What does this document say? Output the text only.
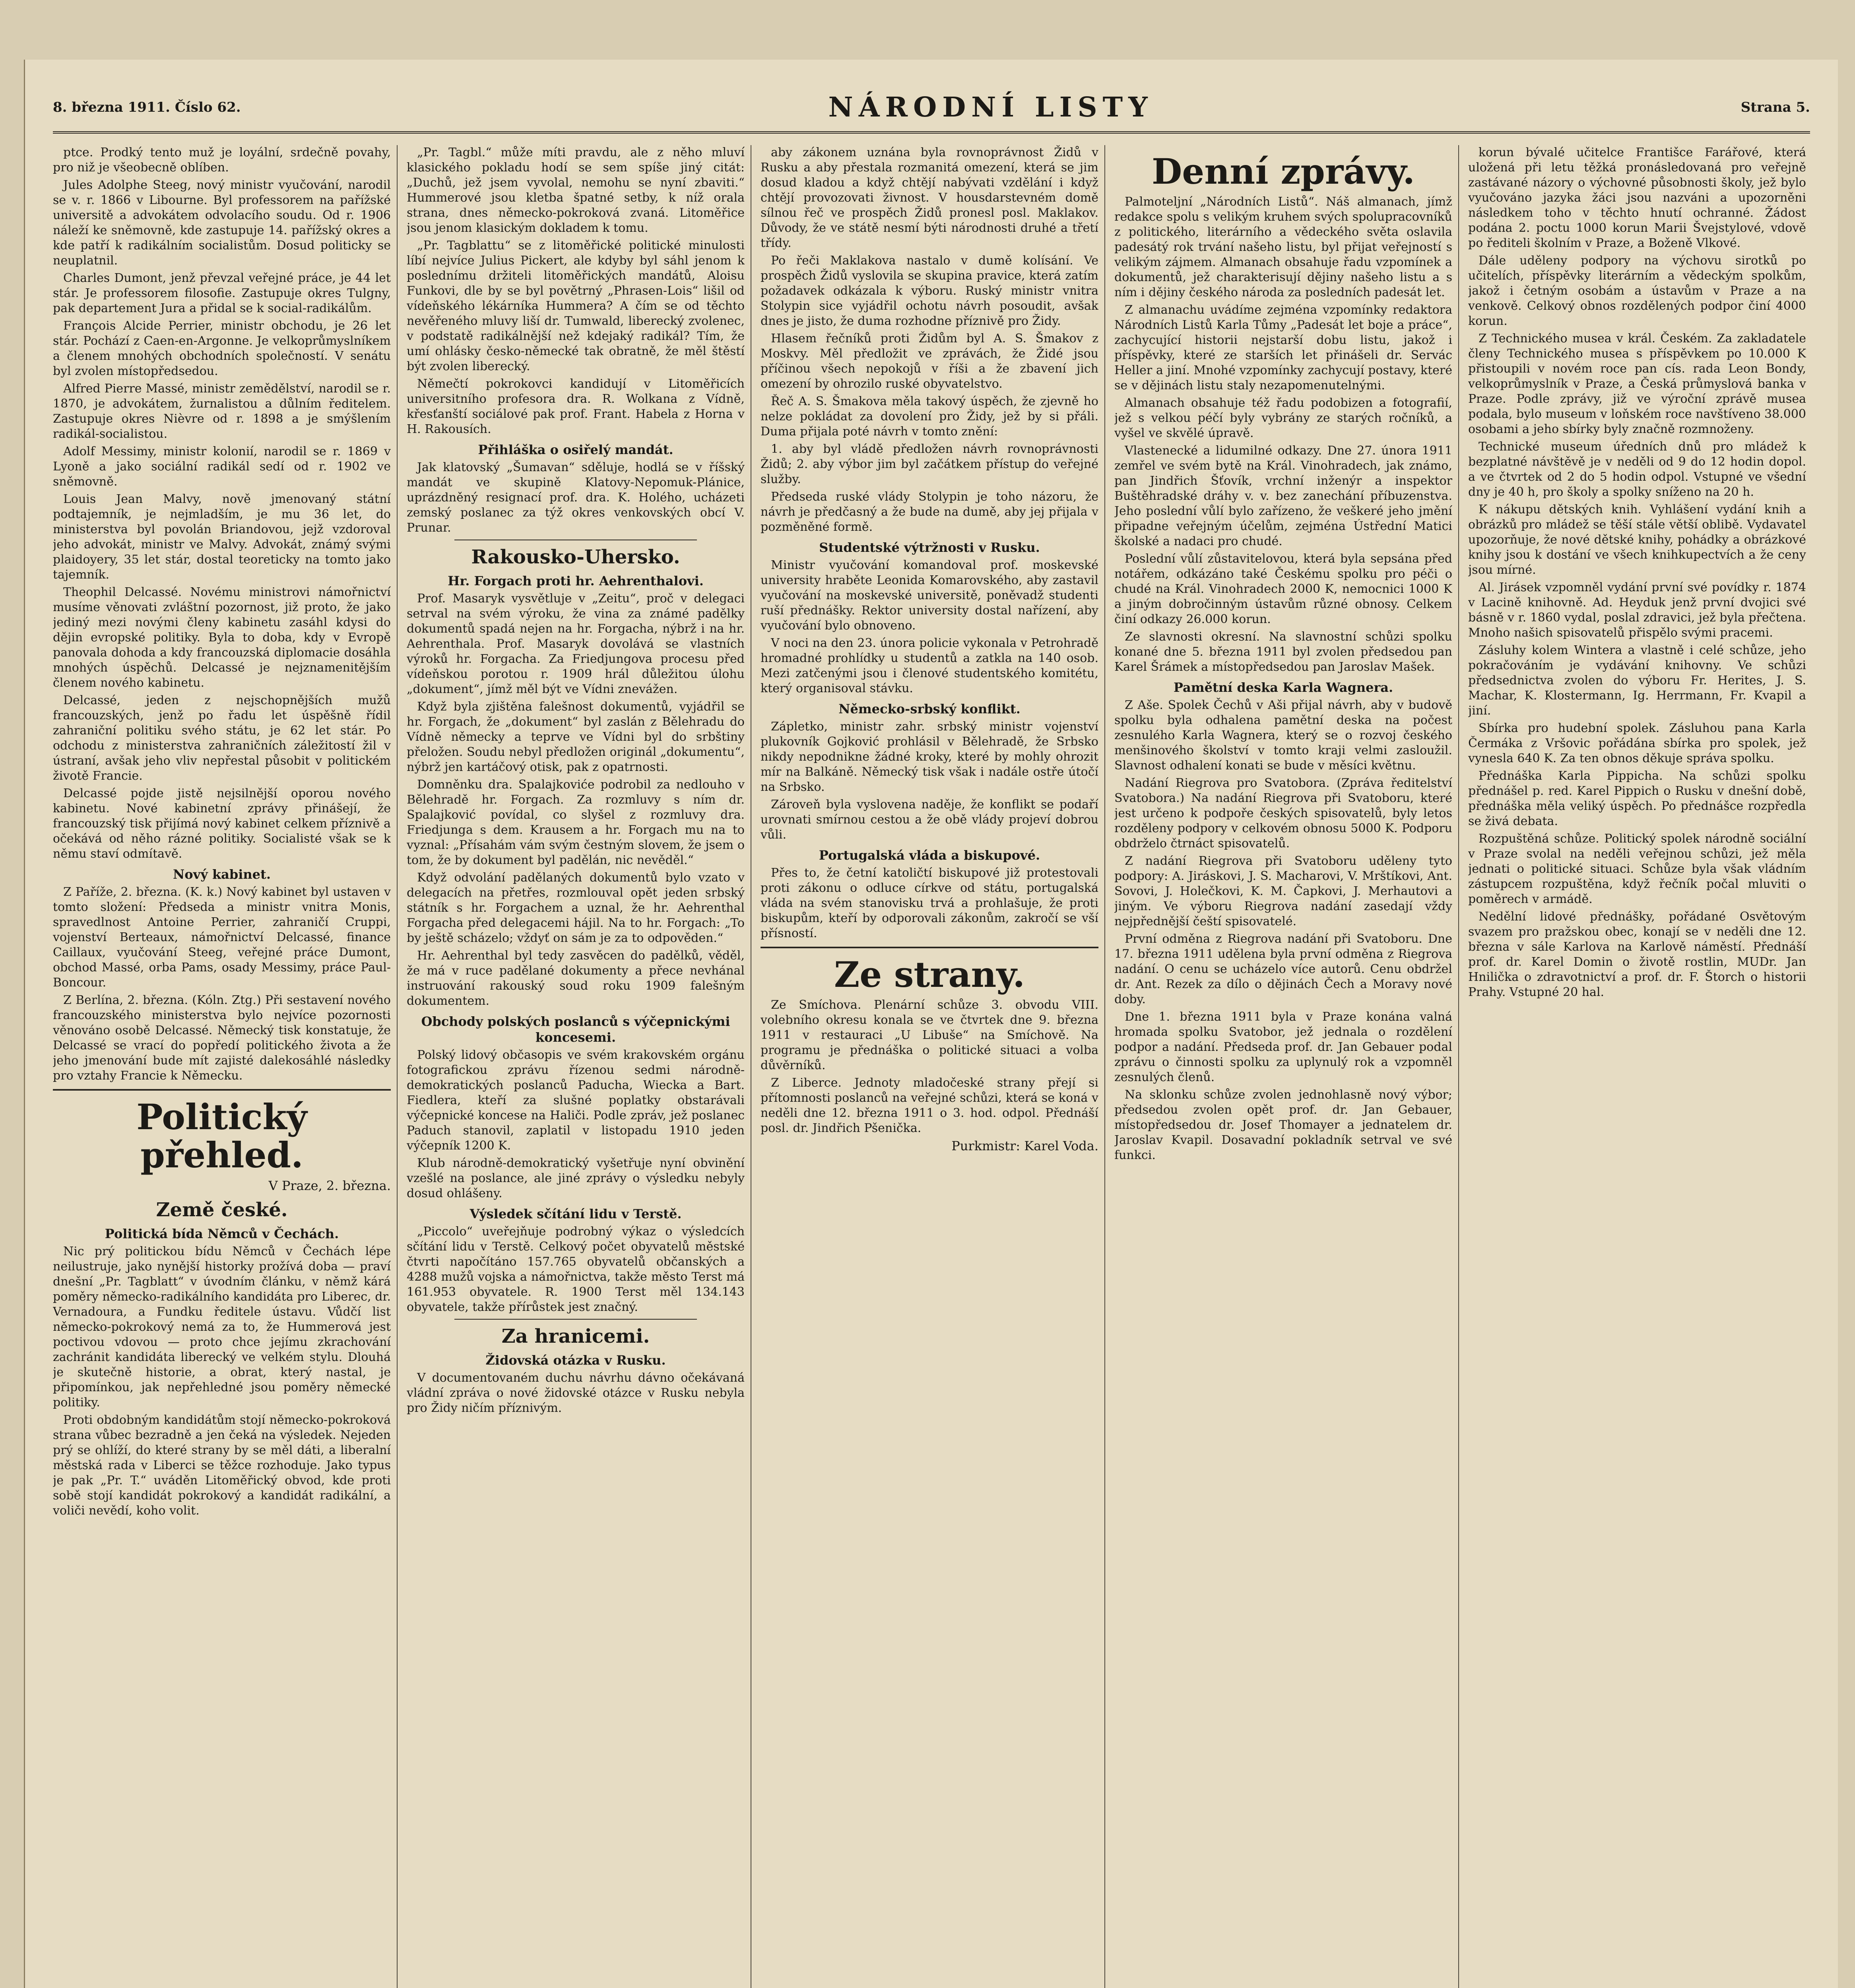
8. března 1911. Číslo 62.	NÁRODNÍ LISTY	Strana 5.

ptce. Prodký tento muž je loyální, srdečně povahy, pro niž je všeobecně oblíben.

Jules Adolphe Steeg, nový ministr vyučování, narodil se v. r. 1866 v Libourne. Byl professorem na pařížské universitě a advokátem odvolacího soudu. Od r. 1906 náleží ke sněmovně, kde zastupuje 14. pařížský okres a kde patří k radikálním socialistům. Dosud politicky se neuplatnil.

Charles Dumont, jenž převzal veřejné práce, je 44 let stár. Je professorem filosofie. Zastupuje okres Tulgny, pak departement Jura a přidal se k social-radikálům.

François Alcide Perrier, ministr obchodu, je 26 let stár. Pochází z Caen-en-Argonne. Je velkoprůmyslníkem a členem mnohých obchodních společností. V senátu byl zvolen místopředsedou.

Alfred Pierre Massé, ministr zemědělství, narodil se r. 1870, je advokátem, žurnalistou a důlním ředitelem. Zastupuje okres Nièvre od r. 1898 a je smýšlením radikál-socialistou.

Adolf Messimy, ministr kolonií, narodil se r. 1869 v Lyoně a jako sociální radikál sedí od r. 1902 ve sněmovně.

Louis Jean Malvy, nově jmenovaný státní podtajemník, je nejmladším, je mu 36 let, do ministerstva byl povolán Briandovou, jejž vzdoroval jeho advokát, ministr ve Malvy. Advokát, známý svými plaidoyery, 35 let stár, dostal teoreticky na tomto jako tajemník.

Theophil Delcassé. Novému ministrovi námořnictví musíme věnovati zvláštní pozornost, již proto, že jako jediný mezi novými členy kabinetu zasáhl kdysi do dějin evropské politiky. Byla to doba, kdy v Evropě panovala dohoda a kdy francouzská diplomacie dosáhla mnohých úspěchů. Delcassé je nejznamenitějším členem nového kabinetu.

Delcassé, jeden z nejschopnějších mužů francouzských, jenž po řadu let úspěšně řídil zahraniční politiku svého státu, je 62 let stár. Po odchodu z ministerstva zahraničních záležitostí žil v ústraní, avšak jeho vliv nepřestal působit v politickém životě Francie.

Delcassé pojde jistě nejsilnější oporou nového kabinetu. Nové kabinetní zprávy přinášejí, že francouzský tisk přijímá nový kabinet celkem příznivě a očekává od něho rázné politiky. Socialisté však se k němu staví odmítavě.

Nový kabinet.

Z Paříže, 2. března. (K. k.) Nový kabinet byl ustaven v tomto složení: Předseda a ministr vnitra Monis, spravedlnost Antoine Perrier, zahraničí Cruppi, vojenství Berteaux, námořnictví Delcassé, finance Caillaux, vyučování Steeg, veřejné práce Dumont, obchod Massé, orba Pams, osady Messimy, práce Paul-Boncour.

Z Berlína, 2. března. (Kóln. Ztg.) Při sestavení nového francouzského ministerstva bylo nejvíce pozornosti věnováno osobě Delcassé. Německý tisk konstatuje, že Delcassé se vrací do popředí politického života a že jeho jmenování bude mít zajisté dalekosáhlé následky pro vztahy Francie k Německu.

Politický přehled.
V Praze, 2. března.
Země české.
Politická bída Němců v Čechách.

Nic prý politickou bídu Němců v Čechách lépe neilustruje, jako nynější historky prožívá doba — praví dnešní „Pr. Tagblatt“ v úvodním článku, v němž kárá poměry německo-radikálního kandidáta pro Liberec, dr. Vernadoura, a Fundku ředitele ústavu. Vůdčí list německo-pokrokový nemá za to, že Hummerová jest poctivou vdovou — proto chce jejímu zkrachování zachránit kandidáta liberecký ve velkém stylu. Dlouhá je skutečně historie, a obrat, který nastal, je připomínkou, jak nepřehledné jsou poměry německé politiky.

Proti obdobným kandidátům stojí německo-pokroková strana vůbec bezradně a jen čeká na výsledek. Nejeden prý se ohlíží, do které strany by se měl dáti, a liberalní městská rada v Liberci se těžce rozhoduje. Jako typus je pak „Pr. T.“ uváděn Litoměřický obvod, kde proti sobě stojí kandidát pokrokový a kandidát radikální, a voliči nevědí, koho volit.

„Pr. Tagbl.“ může míti pravdu, ale z něho mluví klasického pokladu hodí se sem spíše jiný citát: „Duchů, jež jsem vyvolal, nemohu se nyní zbaviti.“ Hummerové jsou kletba špatné setby, k níž orala strana, dnes německo-pokroková zvaná. Litoměřice jsou jenom klasickým dokladem k tomu.

„Pr. Tagblattu“ se z litoměřické politické minulosti líbí nejvíce Julius Pickert, ale kdyby byl sáhl jenom k poslednímu držiteli litoměřických mandátů, Aloisu Funkovi, dle by se byl povětrný „Phrasen-Lois“ lišil od vídeňského lékárníka Hummera? A čím se od těchto nevěřeného mluvy liší dr. Tumwald, liberecký zvolenec, v podstatě radikálnější než kdejaký radikál? Tím, že umí ohlásky česko-německé tak obratně, že měl štěstí být zvolen liberecký.

Němečtí pokrokovci kandidují v Litoměřicích universitního profesora dra. R. Wolkana z Vídně, křesťanští sociálové pak prof. Frant. Habela z Horna v H. Rakousích.

Přihláška o osiřelý mandát.

Jak klatovský „Šumavan“ sděluje, hodlá se v říšský mandát ve skupině Klatovy-Nepomuk-Plánice, uprázdněný resignací prof. dra. K. Holého, ucházeti zemský poslanec za týž okres venkovských obcí V. Prunar.

Rakousko-Uhersko.
Hr. Forgach proti hr. Aehrenthalovi.

Prof. Masaryk vysvětluje v „Zeitu“, proč v delegaci setrval na svém výroku, že vina za známé padělky dokumentů spadá nejen na hr. Forgacha, nýbrž i na hr. Aehrenthala. Prof. Masaryk dovolává se vlastních výroků hr. Forgacha. Za Friedjungova procesu před vídeňskou porotou r. 1909 hrál důležitou úlohu „dokument“, jímž měl být ve Vídni znevážen.

Když byla zjištěna falešnost dokumentů, vyjádřil se hr. Forgach, že „dokument“ byl zaslán z Bělehradu do Vídně německy a teprve ve Vídni byl do srbštiny přeložen. Soudu nebyl předložen originál „dokumentu“, nýbrž jen kartáčový otisk, pak z opatrnosti.

Domněnku dra. Spalajkoviće podrobil za nedlouho v Bělehradě hr. Forgach. Za rozmluvy s ním dr. Spalajković povídal, co slyšel z rozmluvy dra. Friedjunga s dem. Krausem a hr. Forgach mu na to vyznal: „Přísahám vám svým čestným slovem, že jsem o tom, že by dokument byl padělán, nic nevěděl.“

Když odvolání padělaných dokumentů bylo vzato v delegacích na přetřes, rozmlouval opět jeden srbský státník s hr. Forgachem a uznal, že hr. Aehrenthal Forgacha před delegacemi hájil. Na to hr. Forgach: „To by ještě scházelo; vždyť on sám je za to odpověden.“

Hr. Aehrenthal byl tedy zasvěcen do padělků, věděl, že má v ruce padělané dokumenty a přece nevhánal instruování rakouský soud roku 1909 falešným dokumentem.

Obchody polských poslanců s výčepnickými koncesemi.

Polský lidový občasopis ve svém krakovském orgánu fotografickou zprávu řízenou sedmi národně-demokratických poslanců Paducha, Wiecka a Bart. Fiedlera, kteří za slušné poplatky obstarávali výčepnické koncese na Haliči. Podle zpráv, jež poslanec Paduch stanovil, zaplatil v listopadu 1910 jeden výčepník 1200 K.

Klub národně-demokratický vyšetřuje nyní obvinění vzešlé na poslance, ale jiné zprávy o výsledku nebyly dosud ohlášeny.

Výsledek sčítání lidu v Terstě.

„Piccolo“ uveřejňuje podrobný výkaz o výsledcích sčítání lidu v Terstě. Celkový počet obyvatelů městské čtvrti napočítáno 157.765 obyvatelů občanských a 4288 mužů vojska a námořnictva, takže město Terst má 161.953 obyvatele. R. 1900 Terst měl 134.143 obyvatele, takže přírůstek jest značný.

Za hranicemi.
Židovská otázka v Rusku.

V documentovaném duchu návrhu dávno očekávaná vládní zpráva o nové židovské otázce v Rusku nebyla pro Židy ničím příznivým.

aby zákonem uznána byla rovnoprávnost Židů v Rusku a aby přestala rozmanitá omezení, která se jim dosud kladou a když chtějí nabývati vzdělání i když chtějí provozovati živnost. V housdarstevném domě sílnou řeč ve prospěch Židů pronesl posl. Maklakov. Důvody, že ve státě nesmí býti národnosti druhé a třetí třídy.

Po řeči Maklakova nastalo v dumě kolísání. Ve prospěch Židů vyslovila se skupina pravice, která zatím požadavek odkázala k výboru. Ruský ministr vnitra Stolypin sice vyjádřil ochotu návrh posoudit, avšak dnes je jisto, že duma rozhodne příznivě pro Židy.

Hlasem řečníků proti Židům byl A. S. Šmakov z Moskvy. Měl předložit ve zprávách, že Židé jsou příčinou všech nepokojů v říši a že zbavení jich omezení by ohrozilo ruské obyvatelstvo.

Řeč A. S. Šmakova měla takový úspěch, že zjevně ho nelze pokládat za dovolení pro Židy, jež by si přáli. Duma přijala poté návrh v tomto znění:

1. aby byl vládě předložen návrh rovnoprávnosti Židů; 2. aby výbor jim byl začátkem přístup do veřejné služby.

Předseda ruské vlády Stolypin je toho názoru, že návrh je předčasný a že bude na dumě, aby jej přijala v pozměněné formě.

Studentské výtržnosti v Rusku.

Ministr vyučování komandoval prof. moskevské university hraběte Leonida Komarovského, aby zastavil vyučování na moskevské universitě, poněvadž studenti ruší přednášky. Rektor university dostal nařízení, aby vyučování bylo obnoveno.

V noci na den 23. února policie vykonala v Petrohradě hromadné prohlídky u studentů a zatkla na 140 osob. Mezi zatčenými jsou i členové studentského komitétu, který organisoval stávku.

Německo-srbský konflikt.

Zápletko, ministr zahr. srbský ministr vojenství plukovník Gojković prohlásil v Bělehradě, že Srbsko nikdy nepodnikne žádné kroky, které by mohly ohrozit mír na Balkáně. Německý tisk však i nadále ostře útočí na Srbsko.

Zároveň byla vyslovena naděje, že konflikt se podaří urovnati smírnou cestou a že obě vlády projeví dobrou vůli.

Portugalská vláda a biskupové.

Přes to, že četní katoličtí biskupové již protestovali proti zákonu o odluce církve od státu, portugalská vláda na svém stanovisku trvá a prohlašuje, že proti biskupům, kteří by odporovali zákonům, zakročí se vší přísností.

Ze strany.

Ze Smíchova. Plenární schůze 3. obvodu VIII. volebního okresu konala se ve čtvrtek dne 9. března 1911 v restauraci „U Libuše“ na Smíchově. Na programu je přednáška o politické situaci a volba důvěrníků.

Z Liberce. Jednoty mladočeské strany přejí si přítomnosti poslanců na veřejné schůzi, která se koná v neděli dne 12. března 1911 o 3. hod. odpol. Přednáší posl. dr. Jindřich Pšenička.

Purkmistr: Karel Voda.
Denní zprávy.

Palmoteljní „Národních Listů“. Náš almanach, jímž redakce spolu s velikým kruhem svých spolupracovníků z politického, literárního a vědeckého světa oslavila padesátý rok trvání našeho listu, byl přijat veřejností s velikým zájmem. Almanach obsahuje řadu vzpomínek a dokumentů, jež charakterisují dějiny našeho listu a s ním i dějiny českého národa za posledních padesát let.

Z almanachu uvádíme zejména vzpomínky redaktora Národních Listů Karla Tůmy „Padesát let boje a práce“, zachycující historii nejstarší dobu listu, jakož i příspěvky, které ze starších let přinášeli dr. Servác Heller a jiní. Mnohé vzpomínky zachycují postavy, které se v dějinách listu staly nezapomenutelnými.

Almanach obsahuje též řadu podobizen a fotografií, jež s velkou péčí byly vybrány ze starých ročníků, a vyšel ve skvělé úpravě.

Vlastenecké a lidumilné odkazy. Dne 27. února 1911 zemřel ve svém bytě na Král. Vinohradech, jak známo, pan Jindřich Šťovík, vrchní inženýr a inspektor Buštěhradské dráhy v. v. bez zanechání příbuzenstva. Jeho poslední vůlí bylo zařízeno, že veškeré jeho jmění připadne veřejným účelům, zejména Ústřední Matici školské a nadaci pro chudé.

Poslední vůlí zůstavitelovou, která byla sepsána před notářem, odkázáno také Českému spolku pro péči o chudé na Král. Vinohradech 2000 K, nemocnici 1000 K a jiným dobročinným ústavům různé obnosy. Celkem činí odkazy 26.000 korun.

Ze slavnosti okresní. Na slavnostní schůzi spolku konané dne 5. března 1911 byl zvolen předsedou pan Karel Šrámek a místopředsedou pan Jaroslav Mašek.

Pamětní deska Karla Wagnera.

Z Aše. Spolek Čechů v Aši přijal návrh, aby v budově spolku byla odhalena pamětní deska na počest zesnulého Karla Wagnera, který se o rozvoj českého menšinového školství v tomto kraji velmi zasloužil. Slavnost odhalení konati se bude v měsíci květnu.

Nadání Riegrova pro Svatobora. (Zpráva ředitelství Svatobora.) Na nadání Riegrova při Svatoboru, které jest určeno k podpoře českých spisovatelů, byly letos rozděleny podpory v celkovém obnosu 5000 K. Podporu obdrželo čtrnáct spisovatelů.

Z nadání Riegrova při Svatoboru uděleny tyto podpory: A. Jiráskovi, J. S. Macharovi, V. Mrštíkovi, Ant. Sovovi, J. Holečkovi, K. M. Čapkovi, J. Merhautovi a jiným. Ve výboru Riegrova nadání zasedají vždy nejpřednější čeští spisovatelé.

První odměna z Riegrova nadání při Svatoboru. Dne 17. března 1911 udělena byla první odměna z Riegrova nadání. O cenu se ucházelo více autorů. Cenu obdržel dr. Ant. Rezek za dílo o dějinách Čech a Moravy nové doby.

Dne 1. března 1911 byla v Praze konána valná hromada spolku Svatobor, jež jednala o rozdělení podpor a nadání. Předseda prof. dr. Jan Gebauer podal zprávu o činnosti spolku za uplynulý rok a vzpomněl zesnulých členů.

Na sklonku schůze zvolen jednohlasně nový výbor; předsedou zvolen opět prof. dr. Jan Gebauer, místopředsedou dr. Josef Thomayer a jednatelem dr. Jaroslav Kvapil. Dosavadní pokladník setrval ve své funkci.

korun bývalé učitelce Františce Farářové, která uložená při letu těžká pronásledovaná pro veřejně zastávané názory o výchovné působnosti školy, jež bylo vyučováno jazyka žáci jsou nazváni a upozorněni následkem toho v těchto hnutí ochranné. Žádost podána 2. poctu 1000 korun Marii Švejstylové, vdově po řediteli školním v Praze, a Boženě Vlkové.

Dále uděleny podpory na výchovu sirotků po učitelích, příspěvky literárním a vědeckým spolkům, jakož i četným osobám a ústavům v Praze a na venkově. Celkový obnos rozdělených podpor činí 4000 korun.

Z Technického musea v král. Českém. Za zakladatele členy Technického musea s příspěvkem po 10.000 K přistoupili v novém roce pan cís. rada Leon Bondy, velkoprůmyslník v Praze, a Česká průmyslová banka v Praze. Podle zprávy, již ve výroční zprávě musea podala, bylo museum v loňském roce navštíveno 38.000 osobami a jeho sbírky byly značně rozmnoženy.

Technické museum úředních dnů pro mládež k bezplatné návštěvě je v neděli od 9 do 12 hodin dopol. a ve čtvrtek od 2 do 5 hodin odpol. Vstupné ve všední dny je 40 h, pro školy a spolky sníženo na 20 h.

K nákupu dětských knih. Vyhlášení vydání knih a obrázků pro mládež se těší stále větší oblibě. Vydavatel upozorňuje, že nové dětské knihy, pohádky a obrázkové knihy jsou k dostání ve všech knihkupectvích a že ceny jsou mírné.

Al. Jirásek vzpomněl vydání první své povídky r. 1874 v Lacině knihovně. Ad. Heyduk jenž první dvojici své básně v r. 1860 vydal, poslal zdravici, jež byla přečtena. Mnoho našich spisovatelů přispělo svými pracemi.

Zásluhy kolem Wintera a vlastně i celé schůze, jeho pokračováním je vydávání knihovny. Ve schůzi předsednictva zvolen do výboru Fr. Herites, J. S. Machar, K. Klostermann, Ig. Herrmann, Fr. Kvapil a jiní.

Sbírka pro hudební spolek. Zásluhou pana Karla Čermáka z Vršovic pořádána sbírka pro spolek, jež vynesla 640 K. Za ten obnos děkuje správa spolku.

Přednáška Karla Pippicha. Na schůzi spolku přednášel p. red. Karel Pippich o Rusku v dnešní době, přednáška měla veliký úspěch. Po přednášce rozpředla se živá debata.

Rozpuštěná schůze. Politický spolek národně sociální v Praze svolal na neděli veřejnou schůzi, jež měla jednati o politické situaci. Schůze byla však vládním zástupcem rozpuštěna, když řečník počal mluviti o poměrech v armádě.

Nedělní lidové přednášky, pořádané Osvětovým svazem pro pražskou obec, konají se v neděli dne 12. března v sále Karlova na Karlově náměstí. Přednáší prof. dr. Karel Domin o životě rostlin, MUDr. Jan Hnilička o zdravotnictví a prof. dr. F. Štorch o historii Prahy. Vstupné 20 hal.
